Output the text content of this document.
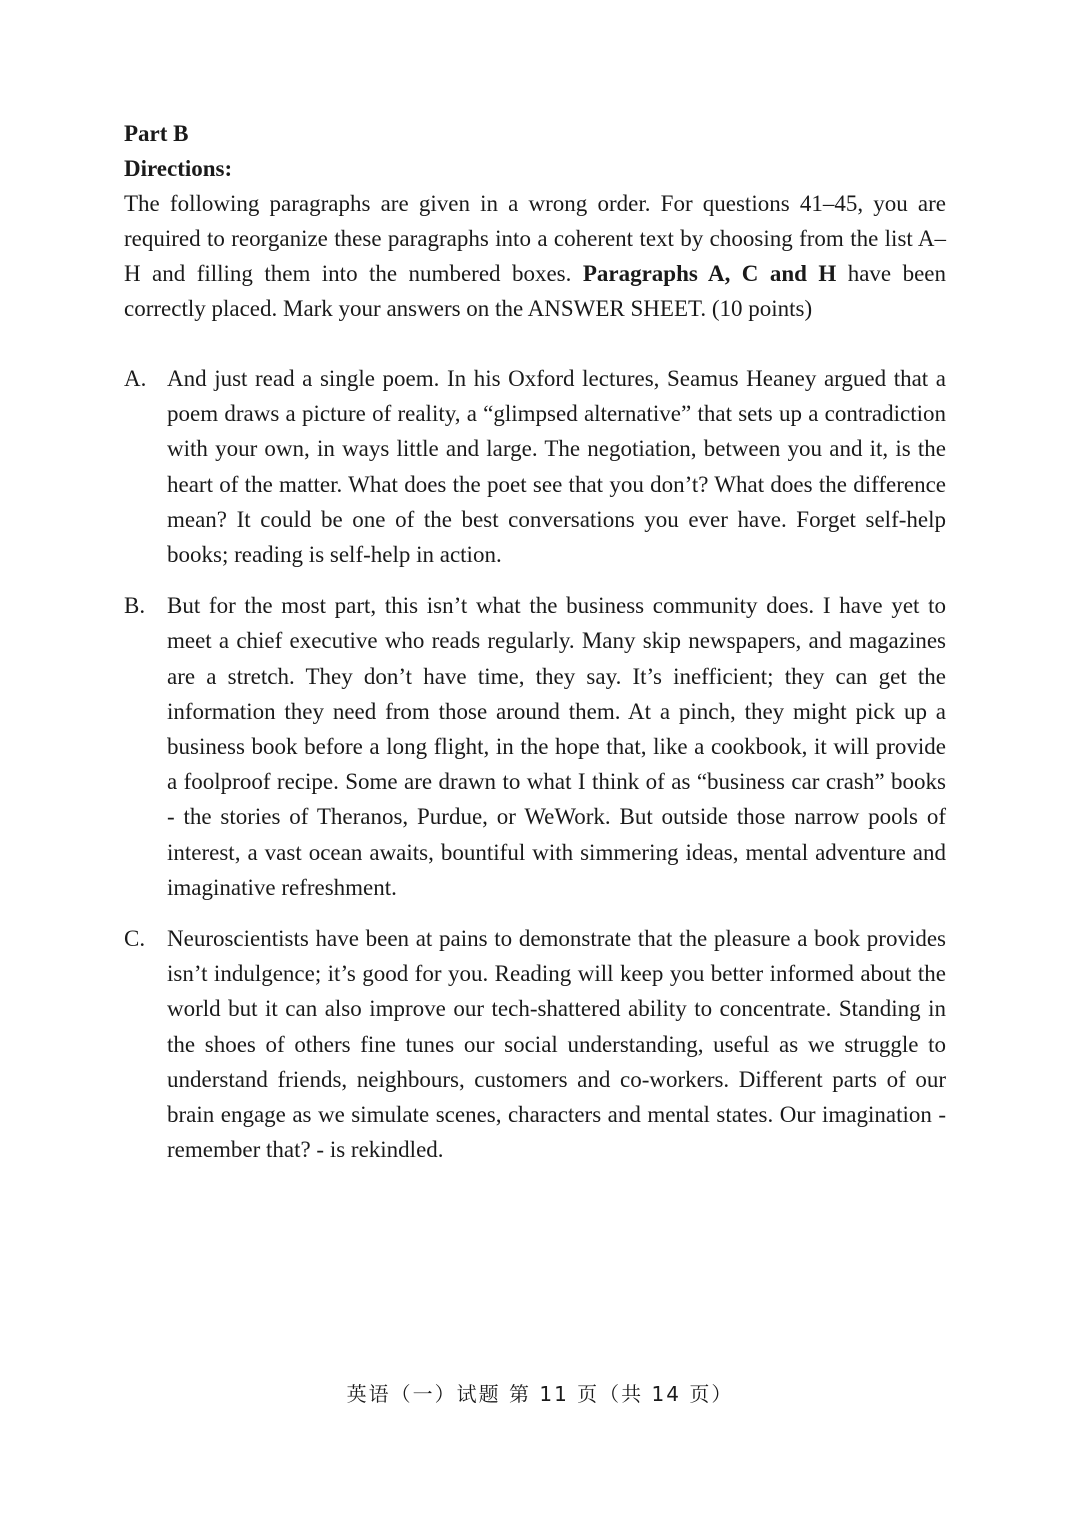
Part B

Directions:

The following paragraphs are given in a wrong order. For questions 41–45, you are required to reorganize these paragraphs into a coherent text by choosing from the list A–H and filling them into the numbered boxes. Paragraphs A, C and H have been correctly placed. Mark your answers on the ANSWER SHEET. (10 points)

A. And just read a single poem. In his Oxford lectures, Seamus Heaney argued that a poem draws a picture of reality, a “glimpsed alternative” that sets up a contradiction with your own, in ways little and large. The negotiation, between you and it, is the heart of the matter. What does the poet see that you don’t? What does the difference mean? It could be one of the best conversations you ever have. Forget self-help books; reading is self-help in action.
B. But for the most part, this isn’t what the business community does. I have yet to meet a chief executive who reads regularly. Many skip newspapers, and magazines are a stretch. They don’t have time, they say. It’s inefficient; they can get the information they need from those around them. At a pinch, they might pick up a business book before a long flight, in the hope that, like a cookbook, it will provide a foolproof recipe. Some are drawn to what I think of as “business car crash” books - the stories of Theranos, Purdue, or WeWork. But outside those narrow pools of interest, a vast ocean awaits, bountiful with simmering ideas, mental adventure and imaginative refreshment.
C. Neuroscientists have been at pains to demonstrate that the pleasure a book provides isn’t indulgence; it’s good for you. Reading will keep you better informed about the world but it can also improve our tech-shattered ability to concentrate. Standing in the shoes of others fine tunes our social understanding, useful as we struggle to understand friends, neighbours, customers and co-workers. Different parts of our brain engage as we simulate scenes, characters and mental states. Our imagination - remember that? - is rekindled.
英语（一）试题 第 11 页（共 14 页）
